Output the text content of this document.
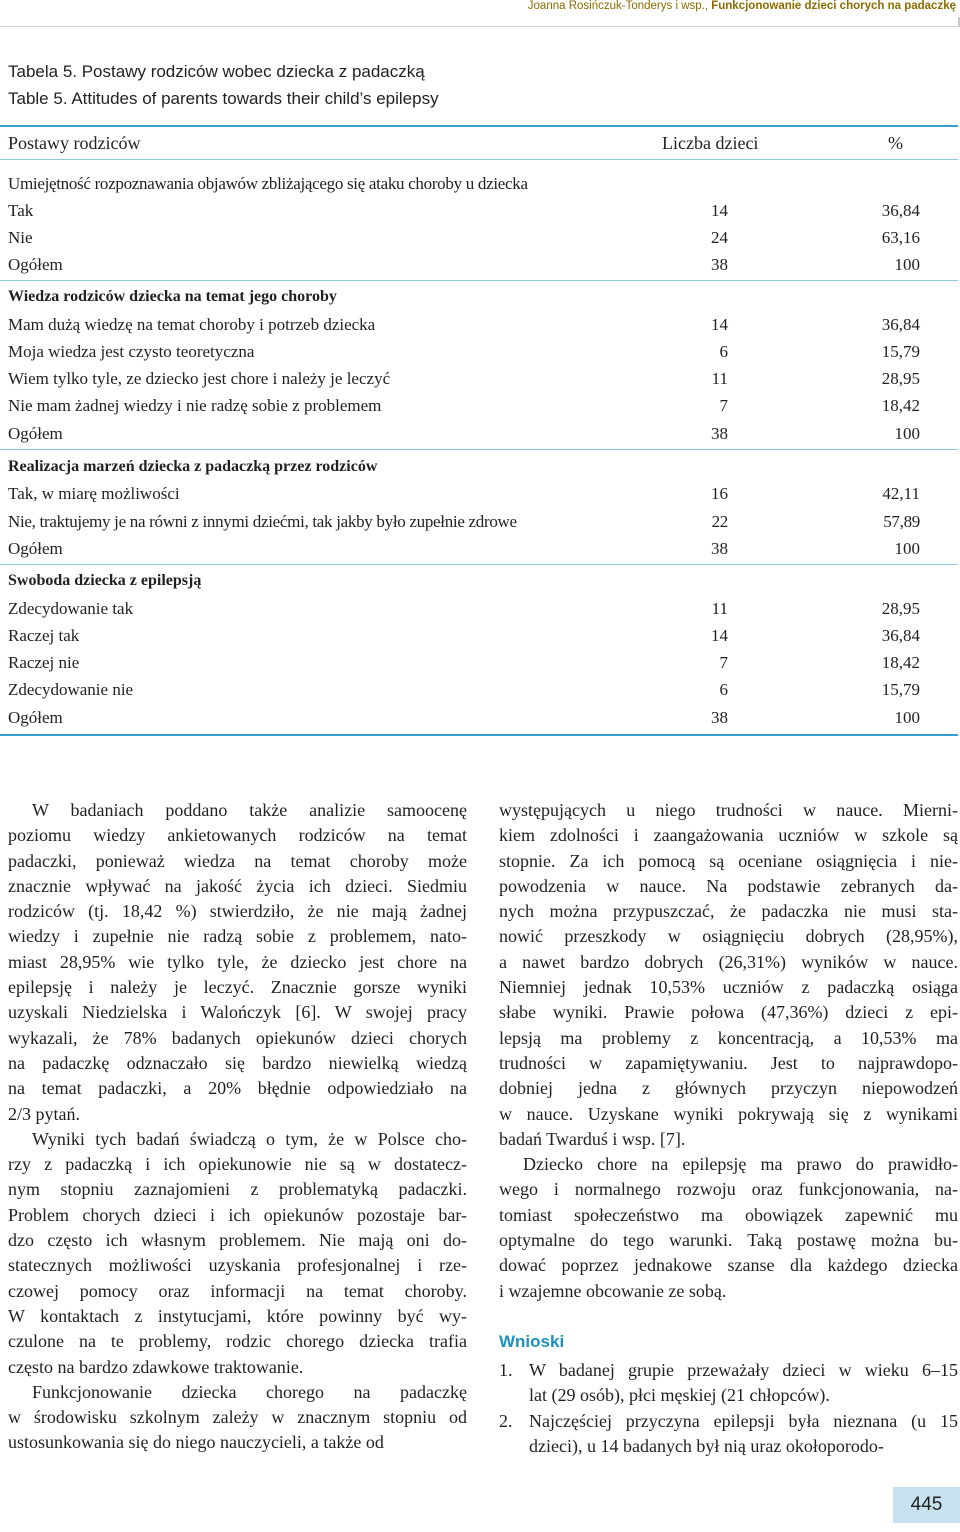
Joanna Rosińczuk-Tonderys i wsp., Funkcjonowanie dzieci chorych na padaczkę
Tabela 5. Postawy rodziców wobec dziecka z padaczką
Table 5. Attitudes of parents towards their child’s epilepsy
Postawy rodziców	Liczba dzieci	%
Umiejętność rozpoznawania objawów zbliżającego się ataku choroby u dziecka
Tak	14	36,84
Nie	24	63,16
Ogółem	38	100
Wiedza rodziców dziecka na temat jego choroby
Mam dużą wiedzę na temat choroby i potrzeb dziecka	14	36,84
Moja wiedza jest czysto teoretyczna	6	15,79
Wiem tylko tyle, ze dziecko jest chore i należy je leczyć	11	28,95
Nie mam żadnej wiedzy i nie radzę sobie z problemem	7	18,42
Ogółem	38	100
Realizacja marzeń dziecka z padaczką przez rodziców
Tak, w miarę możliwości	16	42,11
Nie, traktujemy je na równi z innymi dziećmi, tak jakby było zupełnie zdrowe	22	57,89
Ogółem	38	100
Swoboda dziecka z epilepsją
Zdecydowanie tak	11	28,95
Raczej tak	14	36,84
Raczej nie	7	18,42
Zdecydowanie nie	6	15,79
Ogółem	38	100

W badaniach poddano także analizie samoocenę
poziomu wiedzy ankietowanych rodziców na temat
padaczki, ponieważ wiedza na temat choroby może
znacznie wpływać na jakość życia ich dzieci. Siedmiu
rodziców (tj. 18,42 %) stwierdziło, że nie mają żadnej
wiedzy i zupełnie nie radzą sobie z problemem, nato-
miast 28,95% wie tylko tyle, że dziecko jest chore na
epilepsję i należy je leczyć. Znacznie gorsze wyniki
uzyskali Niedzielska i Walończyk [6]. W swojej pracy
wykazali, że 78% badanych opiekunów dzieci chorych
na padaczkę odznaczało się bardzo niewielką wiedzą
na temat padaczki, a 20% błędnie odpowiedziało na
2/3 pytań.

Wyniki tych badań świadczą o tym, że w Polsce cho-
rzy z padaczką i ich opiekunowie nie są w dostatecz-
nym stopniu zaznajomieni z problematyką padaczki.
Problem chorych dzieci i ich opiekunów pozostaje bar-
dzo często ich własnym problemem. Nie mają oni do-
statecznych możliwości uzyskania profesjonalnej i rze-
czowej pomocy oraz informacji na temat choroby.
W kontaktach z instytucjami, które powinny być wy-
czulone na te problemy, rodzic chorego dziecka trafia
często na bardzo zdawkowe traktowanie.

Funkcjonowanie dziecka chorego na padaczkę
w środowisku szkolnym zależy w znacznym stopniu od
ustosunkowania się do niego nauczycieli, a także od

występujących u niego trudności w nauce. Mierni-
kiem zdolności i zaangażowania uczniów w szkole są
stopnie. Za ich pomocą są oceniane osiągnięcia i nie-
powodzenia w nauce. Na podstawie zebranych da-
nych można przypuszczać, że padaczka nie musi sta-
nowić przeszkody w osiągnięciu dobrych (28,95%),
a nawet bardzo dobrych (26,31%) wyników w nauce.
Niemniej jednak 10,53% uczniów z padaczką osiąga
słabe wyniki. Prawie połowa (47,36%) dzieci z epi-
lepsją ma problemy z koncentracją, a 10,53% ma
trudności w zapamiętywaniu. Jest to najprawdopo-
dobniej jedna z głównych przyczyn niepowodzeń
w nauce. Uzyskane wyniki pokrywają się z wynikami
badań Twarduś i wsp. [7].

Dziecko chore na epilepsję ma prawo do prawidło-
wego i normalnego rozwoju oraz funkcjonowania, na-
tomiast społeczeństwo ma obowiązek zapewnić mu
optymalne do tego warunki. Taką postawę można bu-
dować poprzez jednakowe szanse dla każdego dziecka
i wzajemne obcowanie ze sobą.

Wnioski
1. W badanej grupie przeważały dzieci w wieku 6–15
lat (29 osób), płci męskiej (21 chłopców).
2. Najczęściej przyczyna epilepsji była nieznana (u 15
dzieci), u 14 badanych był nią uraz okołoporodo-
445
